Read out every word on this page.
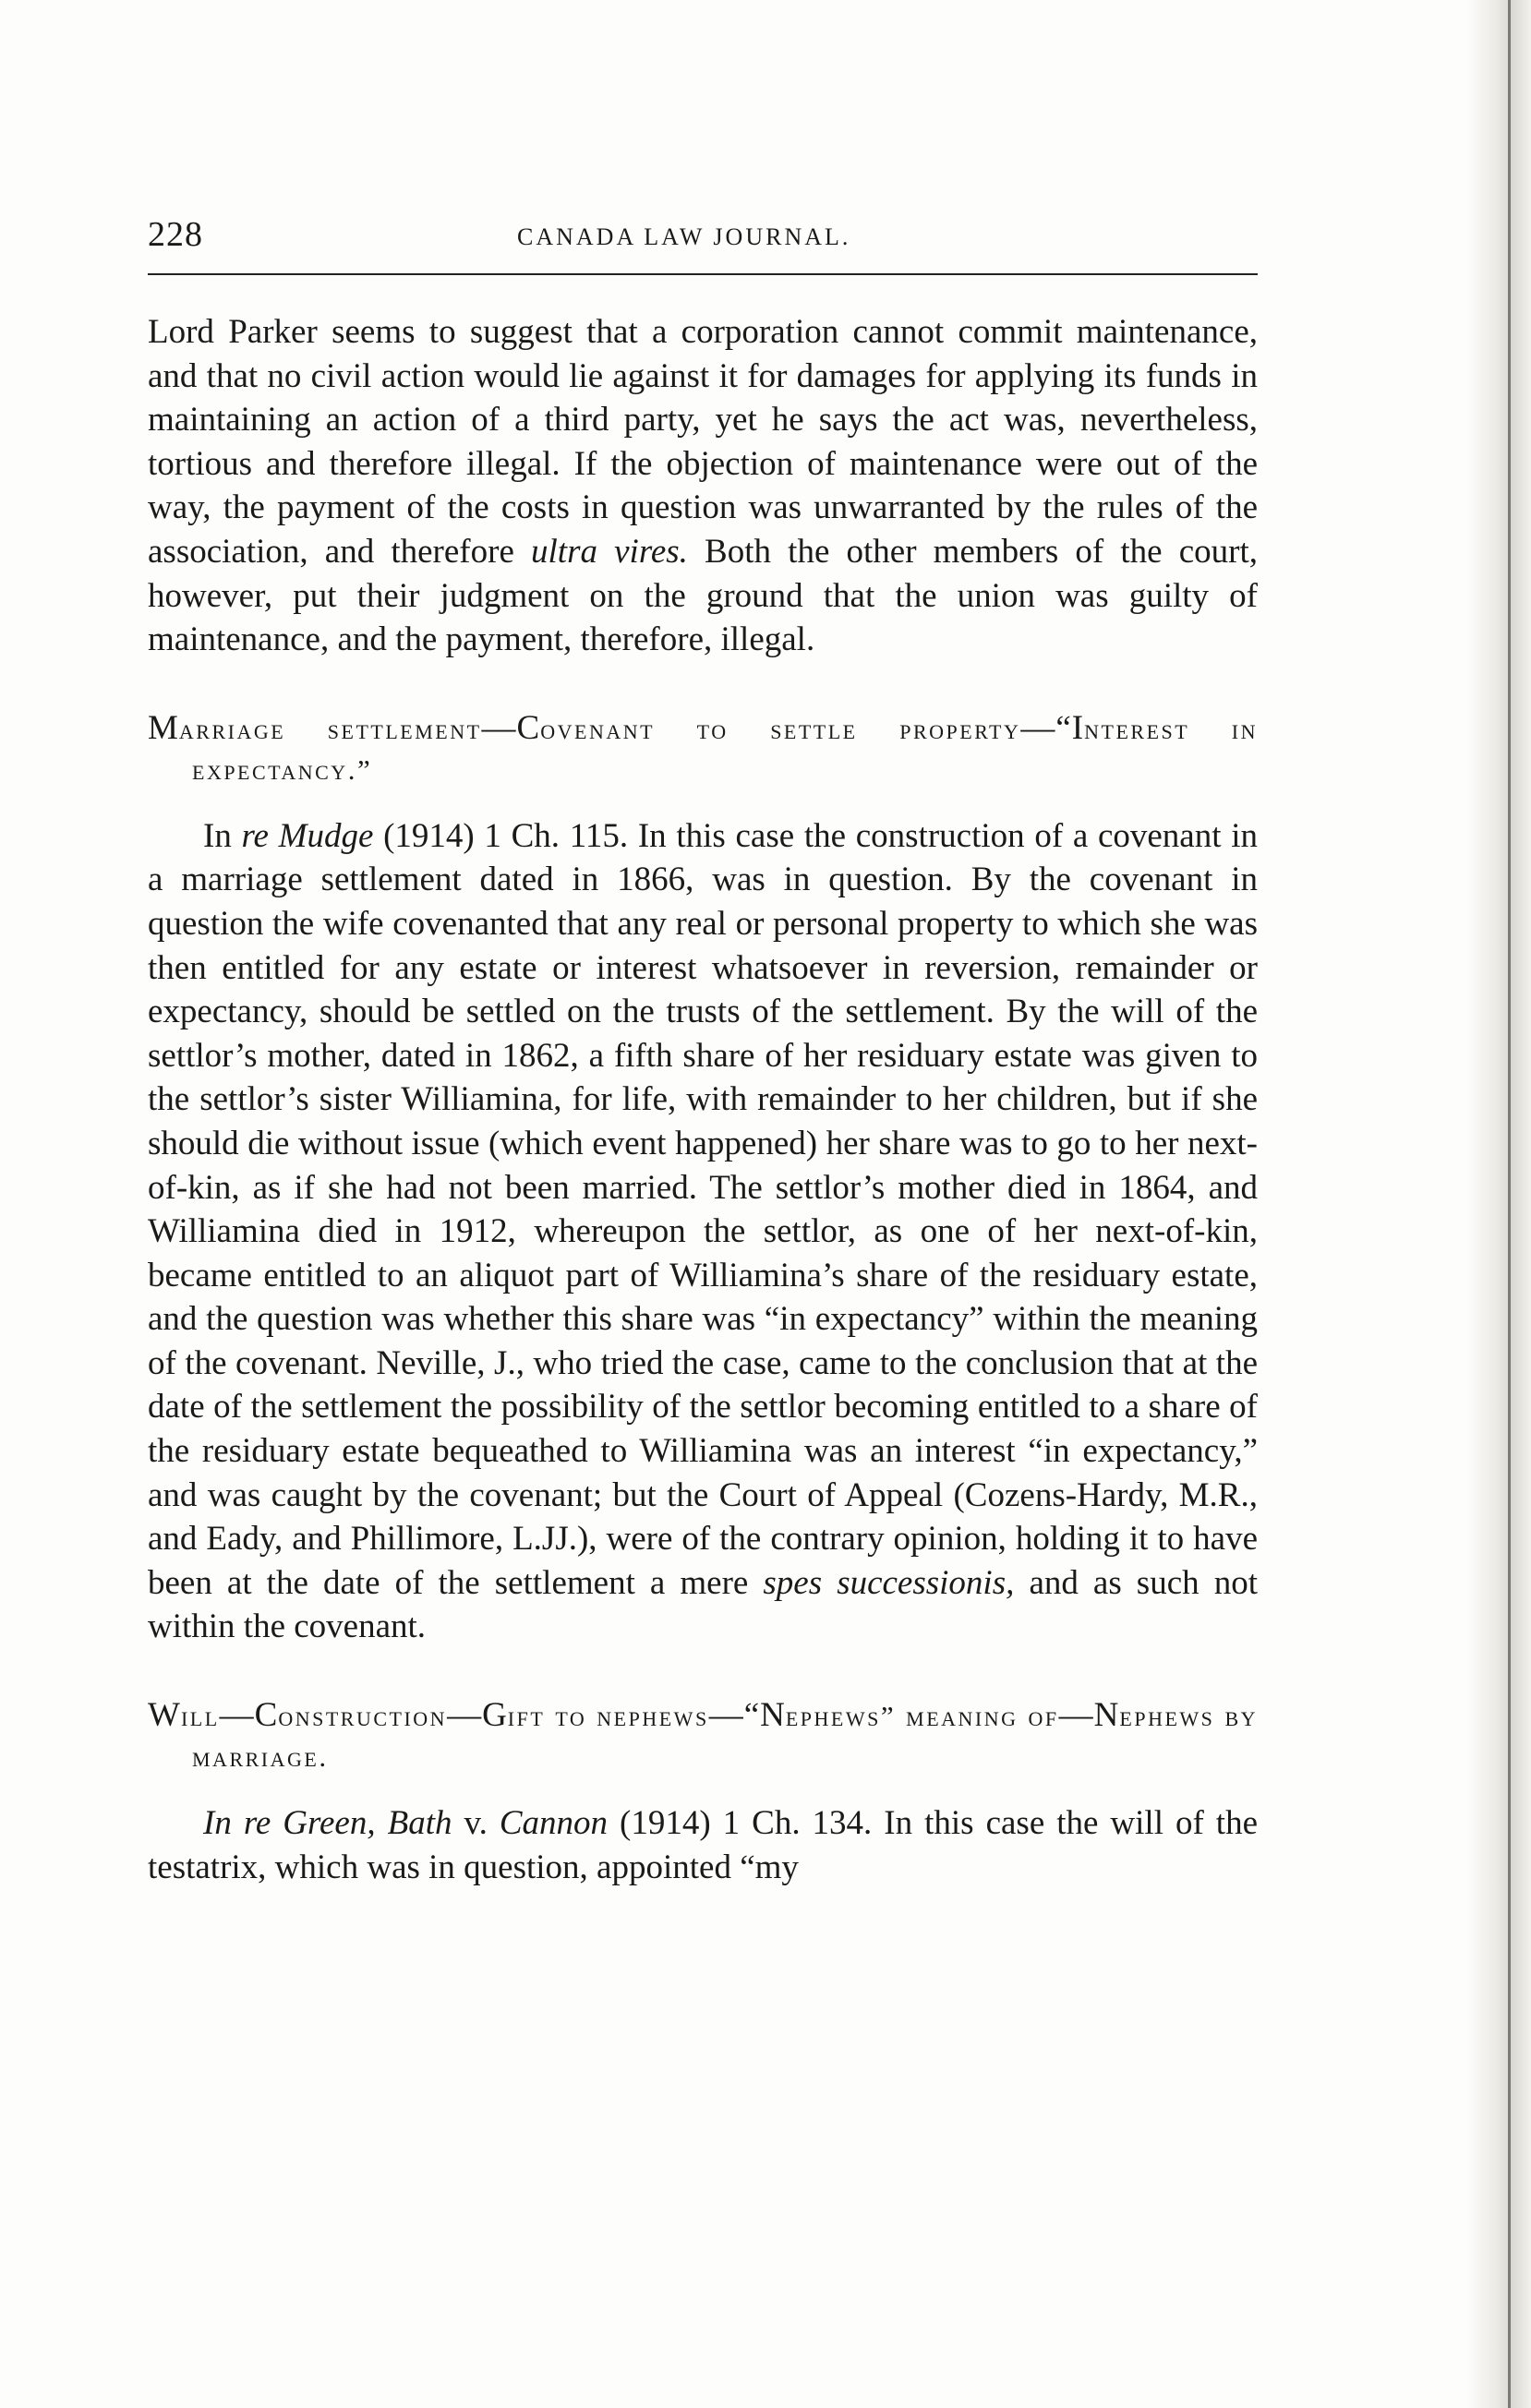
228	CANADA LAW JOURNAL.

Lord Parker seems to suggest that a corporation cannot commit maintenance, and that no civil action would lie against it for damages for applying its funds in maintaining an action of a third party, yet he says the act was, nevertheless, tortious and therefore illegal. If the objection of maintenance were out of the way, the payment of the costs in question was unwarranted by the rules of the association, and therefore ultra vires. Both the other members of the court, however, put their judgment on the ground that the union was guilty of maintenance, and the payment, therefore, illegal.

Marriage settlement—Covenant to settle property—“Interest in expectancy.”

In re Mudge (1914) 1 Ch. 115. In this case the construction of a covenant in a marriage settlement dated in 1866, was in question. By the covenant in question the wife covenanted that any real or personal property to which she was then entitled for any estate or interest whatsoever in reversion, remainder or expectancy, should be settled on the trusts of the settlement. By the will of the settlor’s mother, dated in 1862, a fifth share of her residuary estate was given to the settlor’s sister Williamina, for life, with remainder to her children, but if she should die without issue (which event happened) her share was to go to her next-of-kin, as if she had not been married. The settlor’s mother died in 1864, and Williamina died in 1912, whereupon the settlor, as one of her next-of-kin, became entitled to an aliquot part of Williamina’s share of the residuary estate, and the question was whether this share was “in expectancy” within the meaning of the covenant. Neville, J., who tried the case, came to the conclusion that at the date of the settlement the possibility of the settlor becoming entitled to a share of the residuary estate bequeathed to Williamina was an interest “in expectancy,” and was caught by the covenant; but the Court of Appeal (Cozens-Hardy, M.R., and Eady, and Phillimore, L.JJ.), were of the contrary opinion, holding it to have been at the date of the settlement a mere spes successionis, and as such not within the covenant.

Will—Construction—Gift to nephews—“Nephews” meaning of—Nephews by marriage.

In re Green, Bath v. Cannon (1914) 1 Ch. 134. In this case the will of the testatrix, which was in question, appointed “my
